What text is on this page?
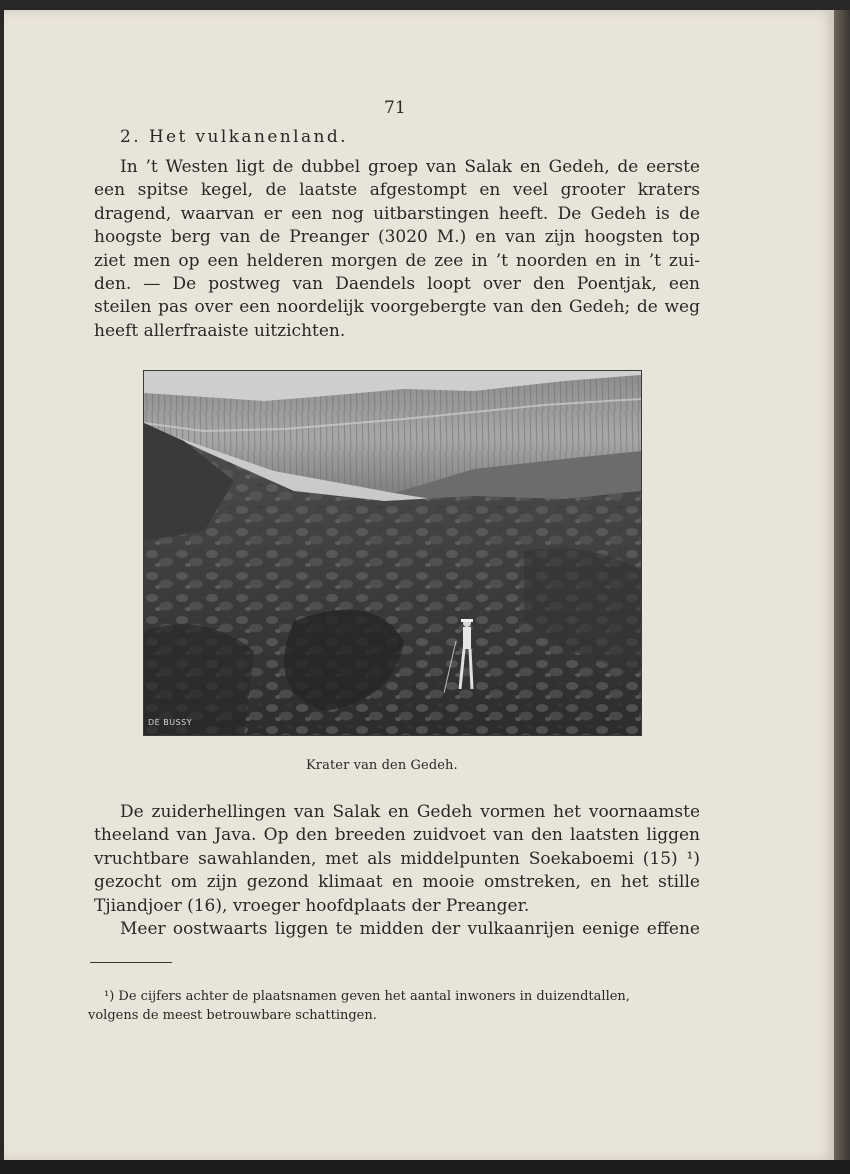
71
2. Het vulkanenland.
In ’t Westen ligt de dubbel groep van Salak en Gedeh, de eerste
een spitse kegel, de laatste afgestompt en veel grooter kraters
dragend, waarvan er een nog uitbarstingen heeft. De Gedeh is de
hoogste berg van de Preanger (3020 M.) en van zijn hoogsten top
ziet men op een helderen morgen de zee in ’t noorden en in ’t zui-
den. — De postweg van Daendels loopt over den Poentjak, een
steilen pas over een noordelijk voorgebergte van den Gedeh; de weg
heeft allerfraaiste uitzichten.
DE BUSSY
Krater van den Gedeh.
De zuiderhellingen van Salak en Gedeh vormen het voornaamste
theeland van Java. Op den breeden zuidvoet van den laatsten liggen
vruchtbare sawahlanden, met als middelpunten Soekaboemi (15) ¹)
gezocht om zijn gezond klimaat en mooie omstreken, en het stille
Tjiandjoer (16), vroeger hoofdplaats der Preanger.
Meer oostwaarts liggen te midden der vulkaanrijen eenige effene
¹) De cijfers achter de plaatsnamen geven het aantal inwoners in duizendtallen,
volgens de meest betrouwbare schattingen.
